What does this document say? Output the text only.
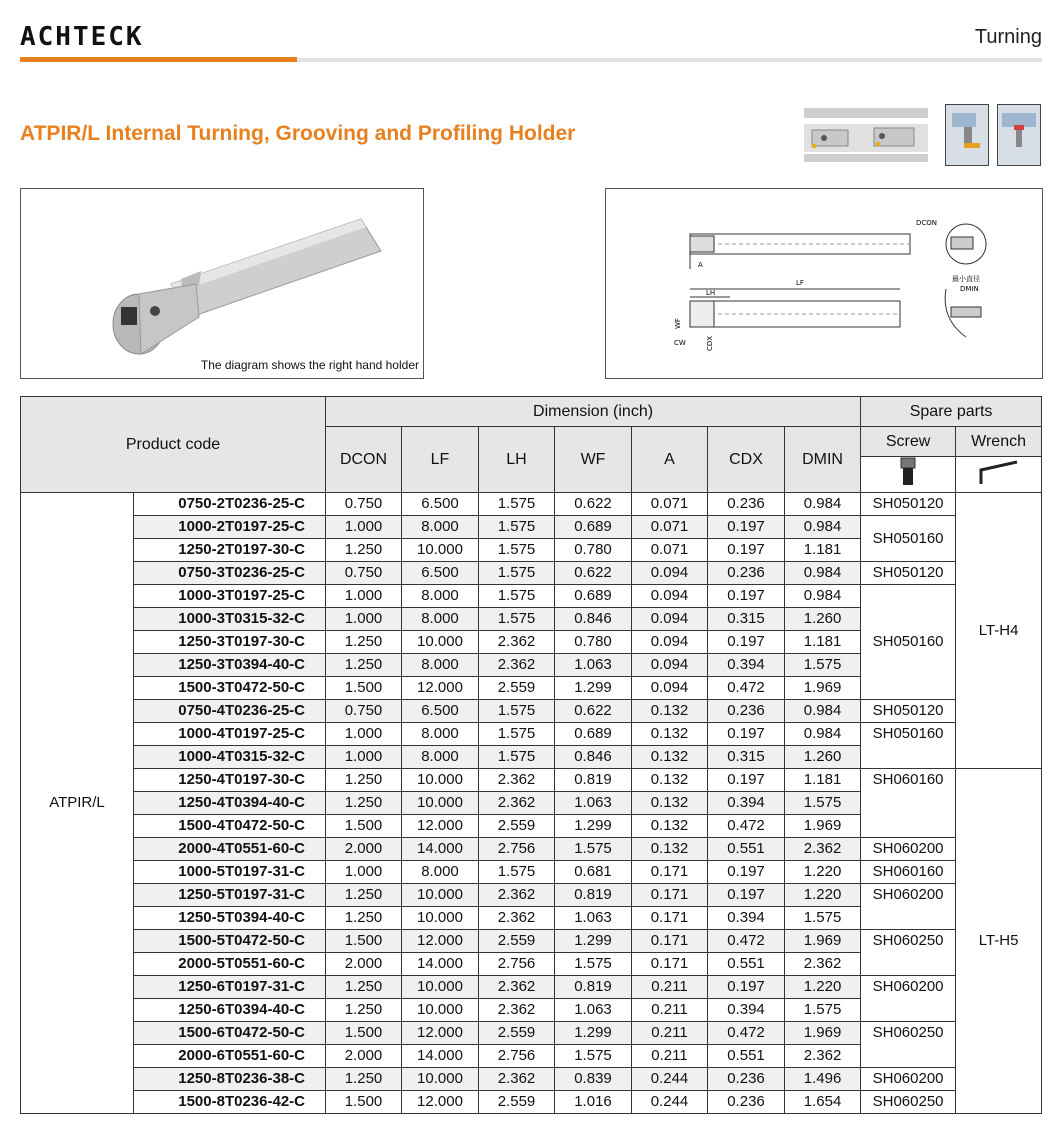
ACHTECK	Turning
ATPIR/L Internal Turning, Grooving and Profiling Holder
The diagram shows the right hand holder
A
LF
LH
WF
CW	CDX
DCON
最小直径
DMIN
Product code		Dimension (inch)							Spare parts	
		DCON	LF	LH	WF	A	CDX	DMIN	Screw	Wrench

ATPIR/L	0750-2T0236-25-C	0.750	6.500	1.575	0.622	0.071	0.236	0.984	SH050120	LT-H4
	1000-2T0197-25-C	1.000	8.000	1.575	0.689	0.071	0.197	0.984	SH050160	
	1250-2T0197-30-C	1.250	10.000	1.575	0.780	0.071	0.197	1.181		
	0750-3T0236-25-C	0.750	6.500	1.575	0.622	0.094	0.236	0.984	SH050120	
	1000-3T0197-25-C	1.000	8.000	1.575	0.689	0.094	0.197	0.984	SH050160	
	1000-3T0315-32-C	1.000	8.000	1.575	0.846	0.094	0.315	1.260		
	1250-3T0197-30-C	1.250	10.000	2.362	0.780	0.094	0.197	1.181		
	1250-3T0394-40-C	1.250	8.000	2.362	1.063	0.094	0.394	1.575		
	1500-3T0472-50-C	1.500	12.000	2.559	1.299	0.094	0.472	1.969		
	0750-4T0236-25-C	0.750	6.500	1.575	0.622	0.132	0.236	0.984	SH050120	
	1000-4T0197-25-C	1.000	8.000	1.575	0.689	0.132	0.197	0.984	SH050160	
	1000-4T0315-32-C	1.000	8.000	1.575	0.846	0.132	0.315	1.260		
	1250-4T0197-30-C	1.250	10.000	2.362	0.819	0.132	0.197	1.181	SH060160	LT-H5
	1250-4T0394-40-C	1.250	10.000	2.362	1.063	0.132	0.394	1.575		
	1500-4T0472-50-C	1.500	12.000	2.559	1.299	0.132	0.472	1.969		
	2000-4T0551-60-C	2.000	14.000	2.756	1.575	0.132	0.551	2.362	SH060200	
	1000-5T0197-31-C	1.000	8.000	1.575	0.681	0.171	0.197	1.220	SH060160	
	1250-5T0197-31-C	1.250	10.000	2.362	0.819	0.171	0.197	1.220	SH060200	
	1250-5T0394-40-C	1.250	10.000	2.362	1.063	0.171	0.394	1.575		
	1500-5T0472-50-C	1.500	12.000	2.559	1.299	0.171	0.472	1.969	SH060250	
	2000-5T0551-60-C	2.000	14.000	2.756	1.575	0.171	0.551	2.362		
	1250-6T0197-31-C	1.250	10.000	2.362	0.819	0.211	0.197	1.220	SH060200	
	1250-6T0394-40-C	1.250	10.000	2.362	1.063	0.211	0.394	1.575		
	1500-6T0472-50-C	1.500	12.000	2.559	1.299	0.211	0.472	1.969	SH060250	
	2000-6T0551-60-C	2.000	14.000	2.756	1.575	0.211	0.551	2.362		
	1250-8T0236-38-C	1.250	10.000	2.362	0.839	0.244	0.236	1.496	SH060200	
	1500-8T0236-42-C	1.500	12.000	2.559	1.016	0.244	0.236	1.654	SH060250	
